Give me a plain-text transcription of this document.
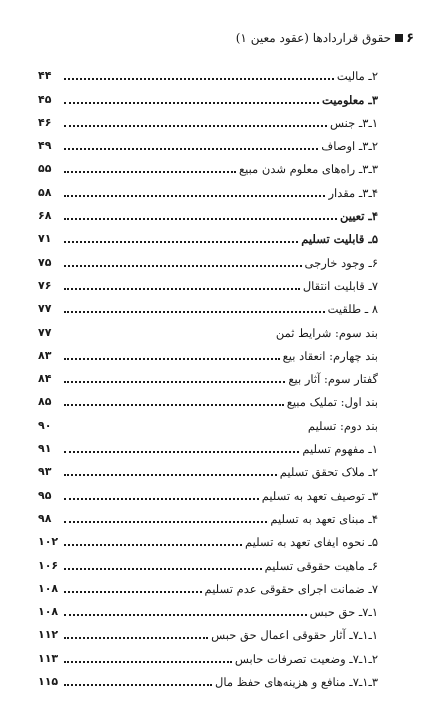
۶
حقوق قراردادها (عقود معین ۱)
۲ـ مالیت
۴۴
۳ـ معلومیت
۴۵
۱ـ۳ـ جنس
۴۶
۲ـ۳ـ اوصاف
۴۹
۳ـ۳ـ راه‌های معلوم شدن مبیع
۵۵
۴ـ۳ـ مقدار
۵۸
۴ـ تعیین
۶۸
۵ـ قابلیت تسلیم
۷۱
۶ـ وجود خارجی
۷۵
۷ـ قابلیت انتقال
۷۶
۸ ـ طلقیت
۷۷
بند سوم: شرایط ثمن
۷۷
بند چهارم: انعقاد بیع
۸۳
گفتار سوم: آثار بیع
۸۴
بند اول: تملیک مبیع
۸۵
بند دوم: تسلیم
۹۰
۱ـ مفهوم تسلیم
۹۱
۲ـ ملاک تحقق تسلیم
۹۳
۳ـ توصیف تعهد به تسلیم
۹۵
۴ـ مبنای تعهد به تسلیم
۹۸
۵ـ نحوه ایفای تعهد به تسلیم
۱۰۲
۶ـ ماهیت حقوقی تسلیم
۱۰۶
۷ـ ضمانت اجرای حقوقی عدم تسلیم
۱۰۸
۱ـ۷ـ حق حبس
۱۰۸
۱ـ۱ـ۷ـ آثار حقوقی اعمال حق حبس
۱۱۲
۲ـ۱ـ۷ـ وضعیت تصرفات حابس
۱۱۳
۳ـ۱ـ۷ـ منافع و هزینه‌های حفظ مال
۱۱۵
